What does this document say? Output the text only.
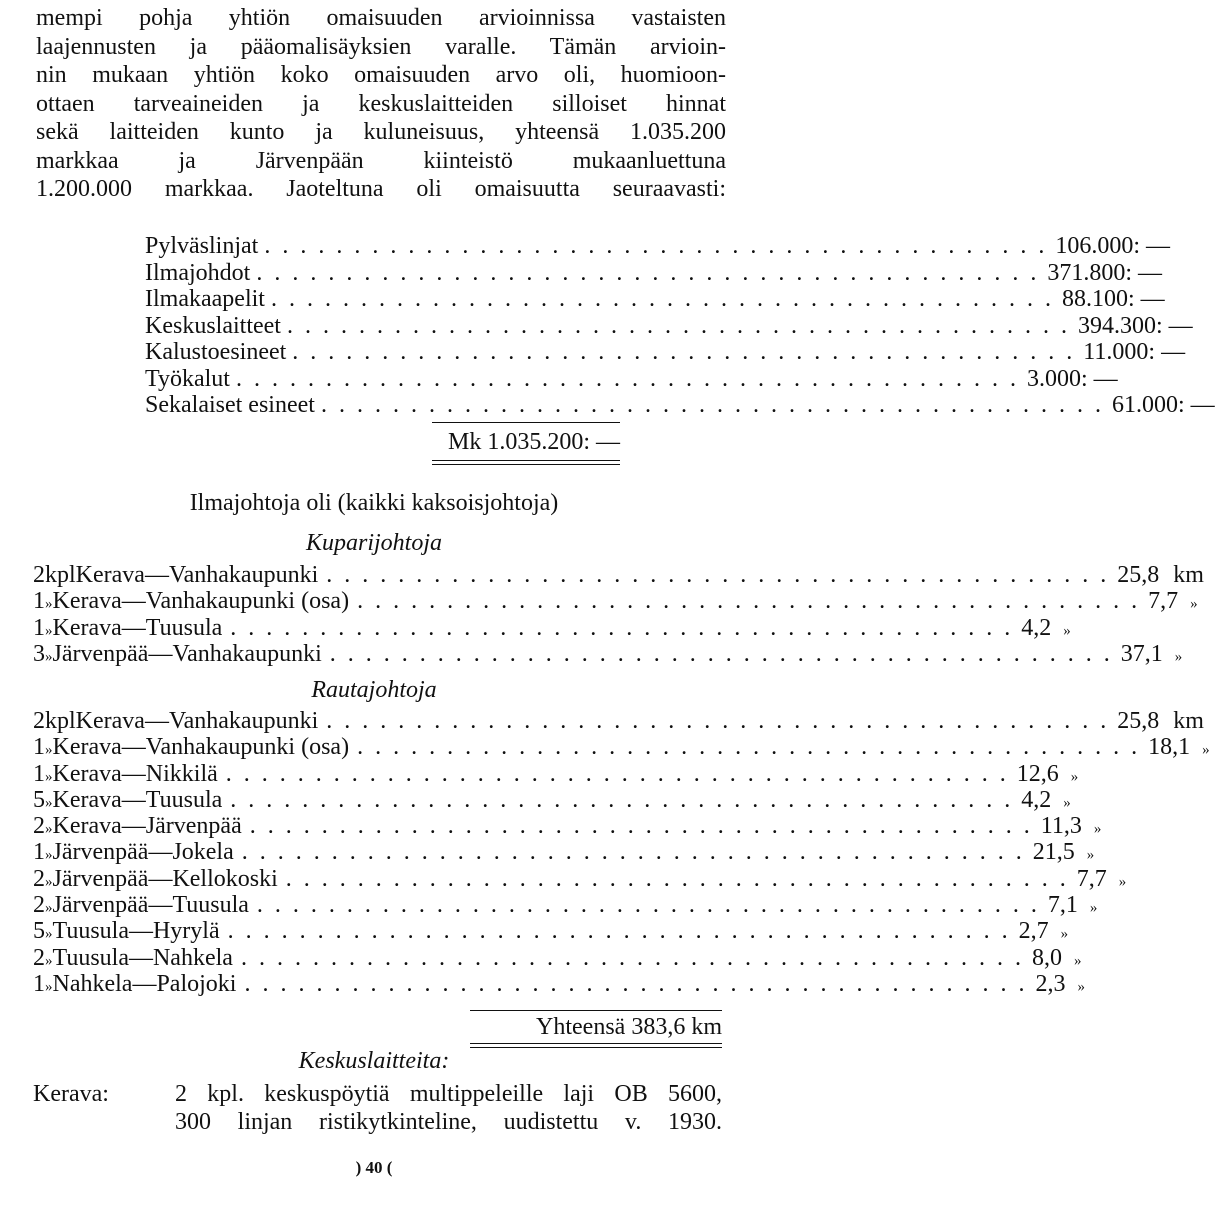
mempi pohja yhtiön omaisuuden arvioinnissa vastaisten
laajennusten ja pääomalisäyksien varalle. Tämän arvioin-
nin mukaan yhtiön koko omaisuuden arvo oli, huomioon-
ottaen tarveaineiden ja keskuslaitteiden silloiset hinnat
sekä laitteiden kunto ja kuluneisuus, yhteensä 1.035.200
markkaa ja Järvenpään kiinteistö mukaanluettuna
1.200.000 markkaa. Jaoteltuna oli omaisuutta seuraavasti:
Pylväslinjat . . . . . . . . . . . . . . . . . . . . . . . . . . . . . . . . . . . . . . . . . . . . 106.000 : —
Ilmajohdot . . . . . . . . . . . . . . . . . . . . . . . . . . . . . . . . . . . . . . . . . . . . 371.800 : —
Ilmakaapelit . . . . . . . . . . . . . . . . . . . . . . . . . . . . . . . . . . . . . . . . . . . . 88.100 : —
Keskuslaitteet . . . . . . . . . . . . . . . . . . . . . . . . . . . . . . . . . . . . . . . . . . . . 394.300 : —
Kalustoesineet . . . . . . . . . . . . . . . . . . . . . . . . . . . . . . . . . . . . . . . . . . . . 11.000 : —
Työkalut . . . . . . . . . . . . . . . . . . . . . . . . . . . . . . . . . . . . . . . . . . . . 3.000 : —
Sekalaiset esineet . . . . . . . . . . . . . . . . . . . . . . . . . . . . . . . . . . . . . . . . . . . . 61.000 : —
Mk 1.035.200: —
Ilmajohtoja oli (kaikki kaksoisjohtoja)
Kuparijohtoja
2 kpl Kerava—Vanhakaupunki . . . . . . . . . . . . . . . . . . . . . . . . . . . . . . . . . . . . . . . . . . . . 25,8 km
1 » Kerava—Vanhakaupunki (osa) . . . . . . . . . . . . . . . . . . . . . . . . . . . . . . . . . . . . . . . . . . . . 7,7 »
1 » Kerava—Tuusula . . . . . . . . . . . . . . . . . . . . . . . . . . . . . . . . . . . . . . . . . . . . 4,2 »
3 » Järvenpää—Vanhakaupunki . . . . . . . . . . . . . . . . . . . . . . . . . . . . . . . . . . . . . . . . . . . . 37,1 »
Rautajohtoja
2 kpl Kerava—Vanhakaupunki . . . . . . . . . . . . . . . . . . . . . . . . . . . . . . . . . . . . . . . . . . . . 25,8 km
1 » Kerava—Vanhakaupunki (osa) . . . . . . . . . . . . . . . . . . . . . . . . . . . . . . . . . . . . . . . . . . . . 18,1 »
1 » Kerava—Nikkilä . . . . . . . . . . . . . . . . . . . . . . . . . . . . . . . . . . . . . . . . . . . . 12,6 »
5 » Kerava—Tuusula . . . . . . . . . . . . . . . . . . . . . . . . . . . . . . . . . . . . . . . . . . . . 4,2 »
2 » Kerava—Järvenpää . . . . . . . . . . . . . . . . . . . . . . . . . . . . . . . . . . . . . . . . . . . . 11,3 »
1 » Järvenpää—Jokela . . . . . . . . . . . . . . . . . . . . . . . . . . . . . . . . . . . . . . . . . . . . 21,5 »
2 » Järvenpää—Kellokoski . . . . . . . . . . . . . . . . . . . . . . . . . . . . . . . . . . . . . . . . . . . . 7,7 »
2 » Järvenpää—Tuusula . . . . . . . . . . . . . . . . . . . . . . . . . . . . . . . . . . . . . . . . . . . . 7,1 »
5 » Tuusula—Hyrylä . . . . . . . . . . . . . . . . . . . . . . . . . . . . . . . . . . . . . . . . . . . . 2,7 »
2 » Tuusula—Nahkela . . . . . . . . . . . . . . . . . . . . . . . . . . . . . . . . . . . . . . . . . . . . 8,0 »
1 » Nahkela—Palojoki . . . . . . . . . . . . . . . . . . . . . . . . . . . . . . . . . . . . . . . . . . . . 2,3 »
Yhteensä 383,6 km
Keskuslaitteita:
Kerava:	2 kpl. keskuspöytiä multippeleille laji OB 5600,
300 linjan ristikytkinteline, uudistettu v. 1930.
) 40 (
